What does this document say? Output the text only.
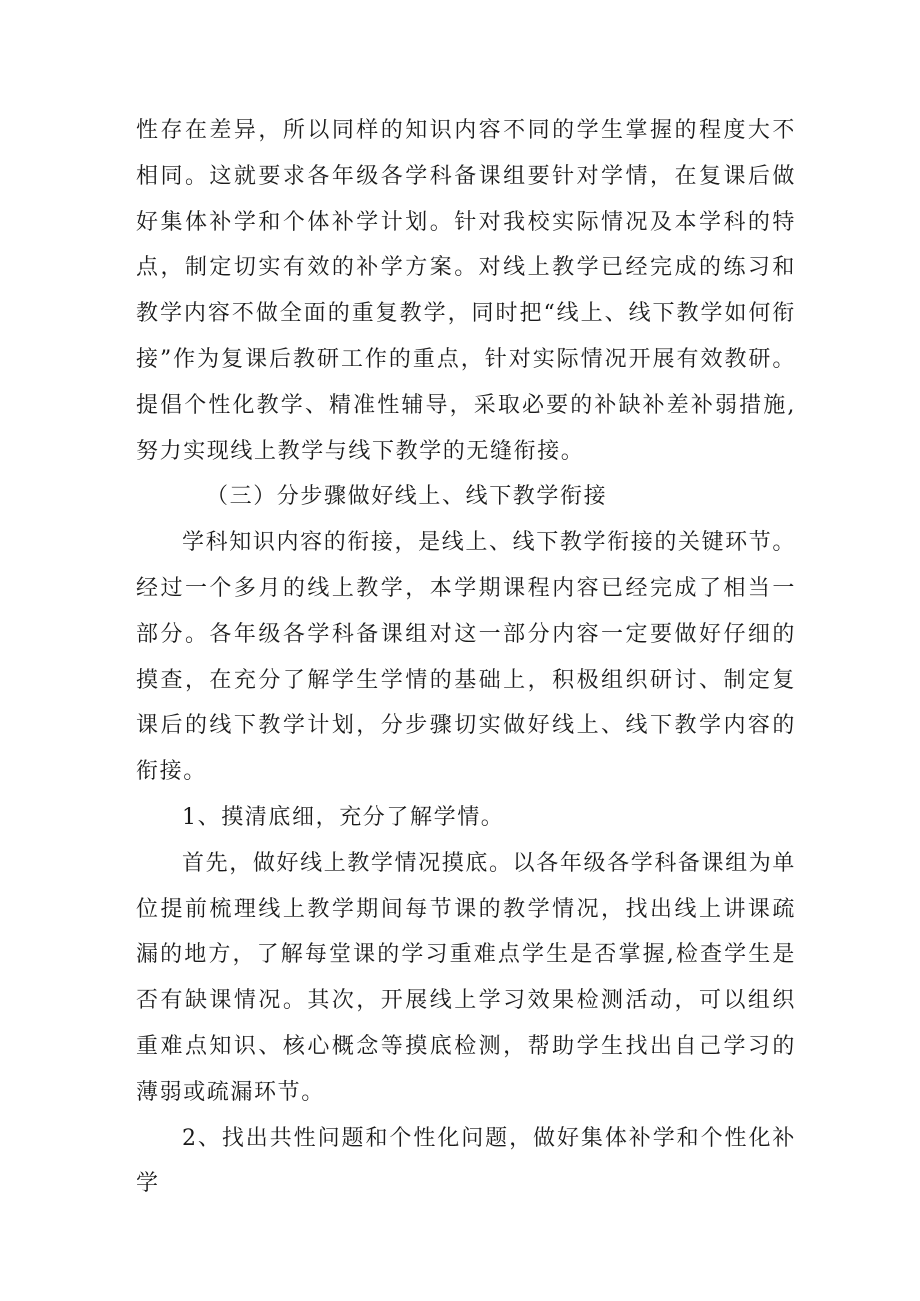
性存在差异，所以同样的知识内容不同的学生掌握的程度大不相同。这就要求各年级各学科备课组要针对学情，在复课后做好集体补学和个体补学计划。针对我校实际情况及本学科的特点，制定切实有效的补学方案。对线上教学已经完成的练习和教学内容不做全面的重复教学，同时把“线上、线下教学如何衔接”作为复课后教研工作的重点，针对实际情况开展有效教研。提倡个性化教学、精准性辅导，采取必要的补缺补差补弱措施,努力实现线上教学与线下教学的无缝衔接。

（三）分步骤做好线上、线下教学衔接

学科知识内容的衔接，是线上、线下教学衔接的关键环节。经过一个多月的线上教学，本学期课程内容已经完成了相当一部分。各年级各学科备课组对这一部分内容一定要做好仔细的摸查，在充分了解学生学情的基础上，积极组织研讨、制定复课后的线下教学计划，分步骤切实做好线上、线下教学内容的衔接。

1、摸清底细，充分了解学情。

首先，做好线上教学情况摸底。以各年级各学科备课组为单位提前梳理线上教学期间每节课的教学情况，找出线上讲课疏漏的地方，了解每堂课的学习重难点学生是否掌握,检查学生是否有缺课情况。其次，开展线上学习效果检测活动，可以组织重难点知识、核心概念等摸底检测，帮助学生找出自己学习的薄弱或疏漏环节。

2、找出共性问题和个性化问题，做好集体补学和个性化补学
